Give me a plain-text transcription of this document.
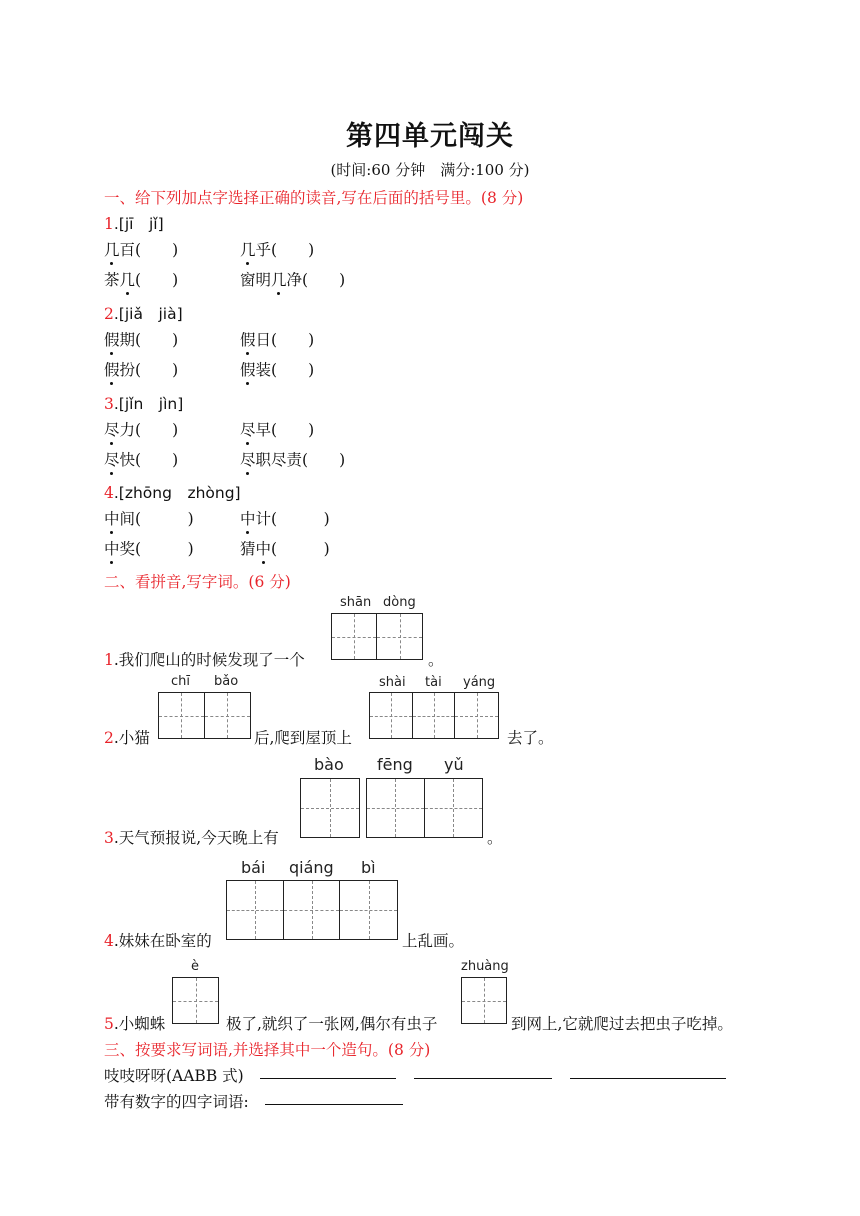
第四单元闯关
(时间:60 分钟　满分:100 分)
一、给下列加点字选择正确的读音,写在后面的括号里。(8 分)
1.[jī　jǐ]
几百(　　)	几乎(　　)
茶几(　　)	窗明几净(　　)
2.[jiǎ　jià]
假期(　　)	假日(　　)
假扮(　　)	假装(　　)
3.[jǐn　jìn]
尽力(　　)	尽早(　　)
尽快(　　)	尽职尽责(　　)
4.[zhōng　zhòng]
中间(　　　)	中计(　　　)
中奖(　　　)	猜中(　　　)
二、看拼音,写字词。(6 分)
shān dòng
1.我们爬山的时候发现了一个	。
chī bǎo	shài tài yáng
2.小猫	后,爬到屋顶上	去了。
bào fēng yǔ
3.天气预报说,今天晚上有	。
bái qiáng bì
4.妹妹在卧室的	上乱画。
è	zhuàng
5.小蜘蛛	极了,就织了一张网,偶尔有虫子	到网上,它就爬过去把虫子吃掉。
三、按要求写词语,并选择其中一个造句。(8 分)
吱吱呀呀(AABB 式)
带有数字的四字词语:
